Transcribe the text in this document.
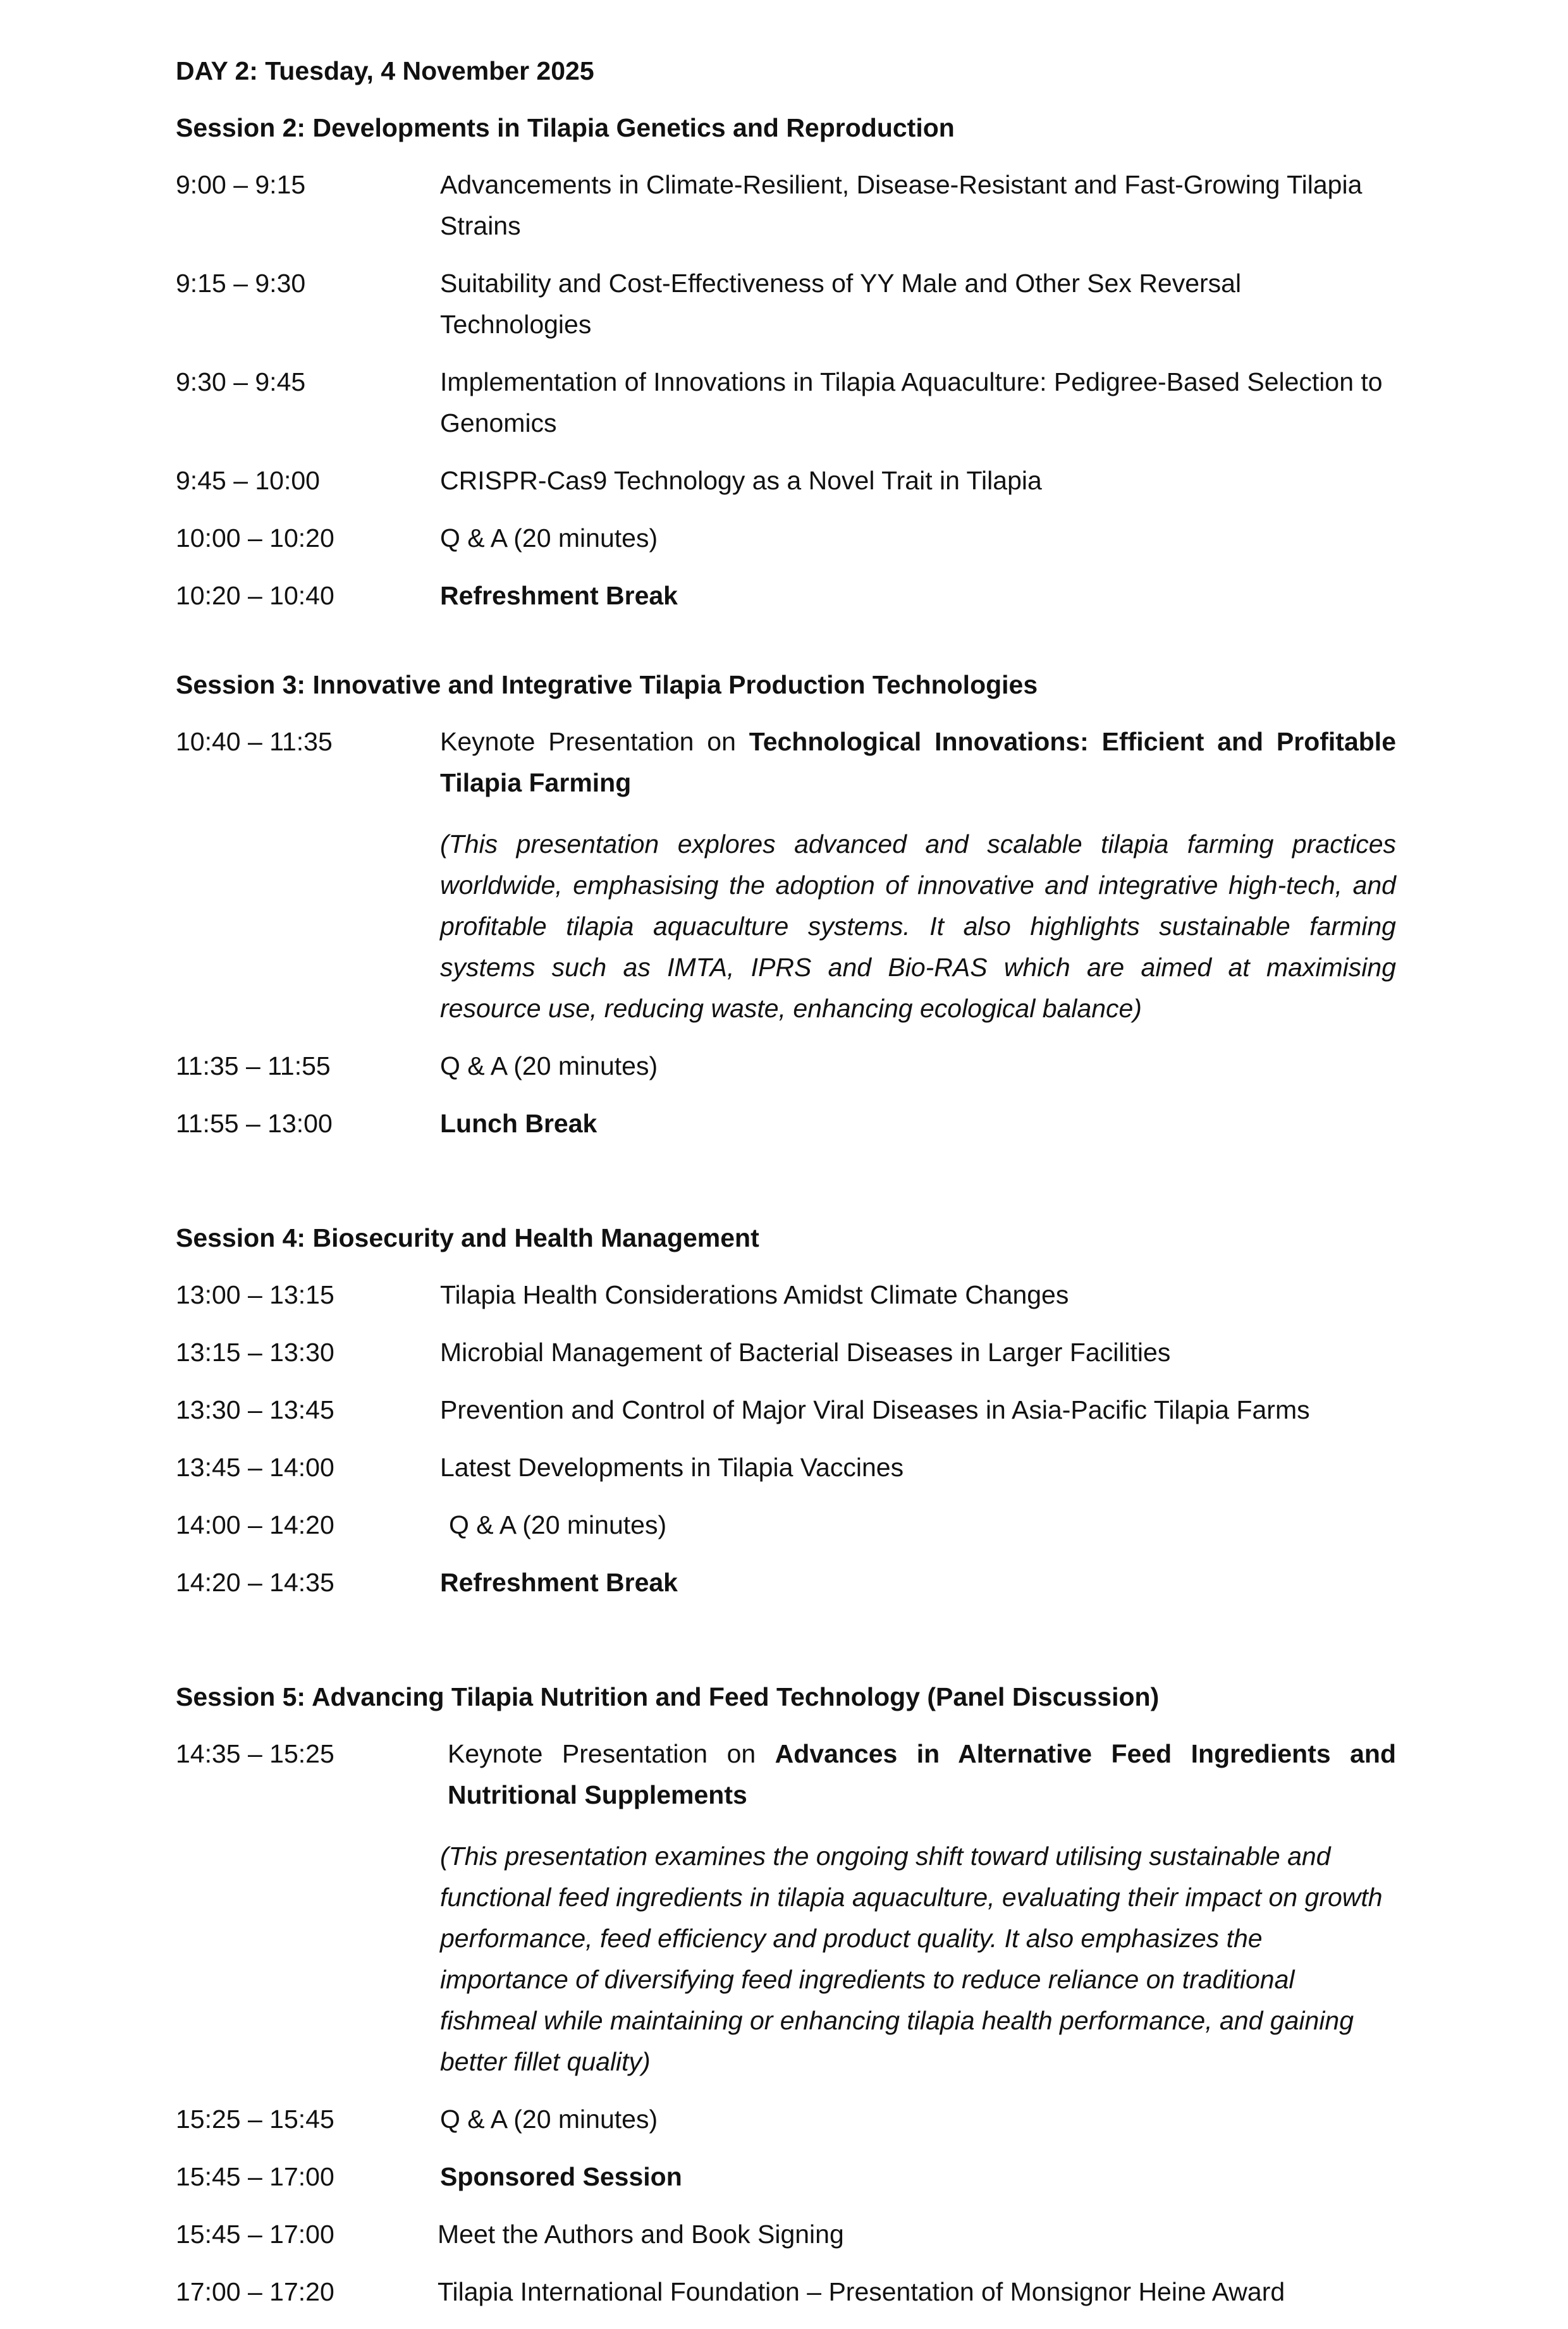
DAY 2: Tuesday, 4 November 2025
Session 2: Developments in Tilapia Genetics and Reproduction
9:00 – 9:15	Advancements in Climate-Resilient, Disease-Resistant and Fast-Growing Tilapia Strains
9:15 – 9:30	Suitability and Cost-Effectiveness of YY Male and Other Sex Reversal Technologies
9:30 – 9:45	Implementation of Innovations in Tilapia Aquaculture: Pedigree-Based Selection to Genomics
9:45 – 10:00	CRISPR-Cas9 Technology as a Novel Trait in Tilapia
10:00 – 10:20	Q & A (20 minutes)
10:20 – 10:40	Refreshment Break
Session 3: Innovative and Integrative Tilapia Production Technologies
10:40 – 11:35	Keynote Presentation on Technological Innovations: Efficient and Profitable Tilapia Farming
(This presentation explores advanced and scalable tilapia farming practices worldwide, emphasising the adoption of innovative and integrative high-tech, and profitable tilapia aquaculture systems. It also highlights sustainable farming systems such as IMTA, IPRS and Bio-RAS which are aimed at maximising resource use, reducing waste, enhancing ecological balance)
11:35 – 11:55	Q & A (20 minutes)
11:55 – 13:00	Lunch Break
Session 4: Biosecurity and Health Management
13:00 – 13:15	Tilapia Health Considerations Amidst Climate Changes
13:15 – 13:30	Microbial Management of Bacterial Diseases in Larger Facilities
13:30 – 13:45	Prevention and Control of Major Viral Diseases in Asia-Pacific Tilapia Farms
13:45 – 14:00	Latest Developments in Tilapia Vaccines
14:00 – 14:20	Q & A (20 minutes)
14:20 – 14:35	Refreshment Break
Session 5: Advancing Tilapia Nutrition and Feed Technology (Panel Discussion)
14:35 – 15:25	Keynote Presentation on Advances in Alternative Feed Ingredients and Nutritional Supplements
(This presentation examines the ongoing shift toward utilising sustainable and functional feed ingredients in tilapia aquaculture, evaluating their impact on growth performance, feed efficiency and product quality. It also emphasizes the importance of diversifying feed ingredients to reduce reliance on traditional fishmeal while maintaining or enhancing tilapia health performance, and gaining better fillet quality)
15:25 – 15:45	Q & A (20 minutes)
15:45 – 17:00	Sponsored Session
15:45 – 17:00	Meet the Authors and Book Signing
17:00 – 17:20	Tilapia International Foundation – Presentation of Monsignor Heine Award
